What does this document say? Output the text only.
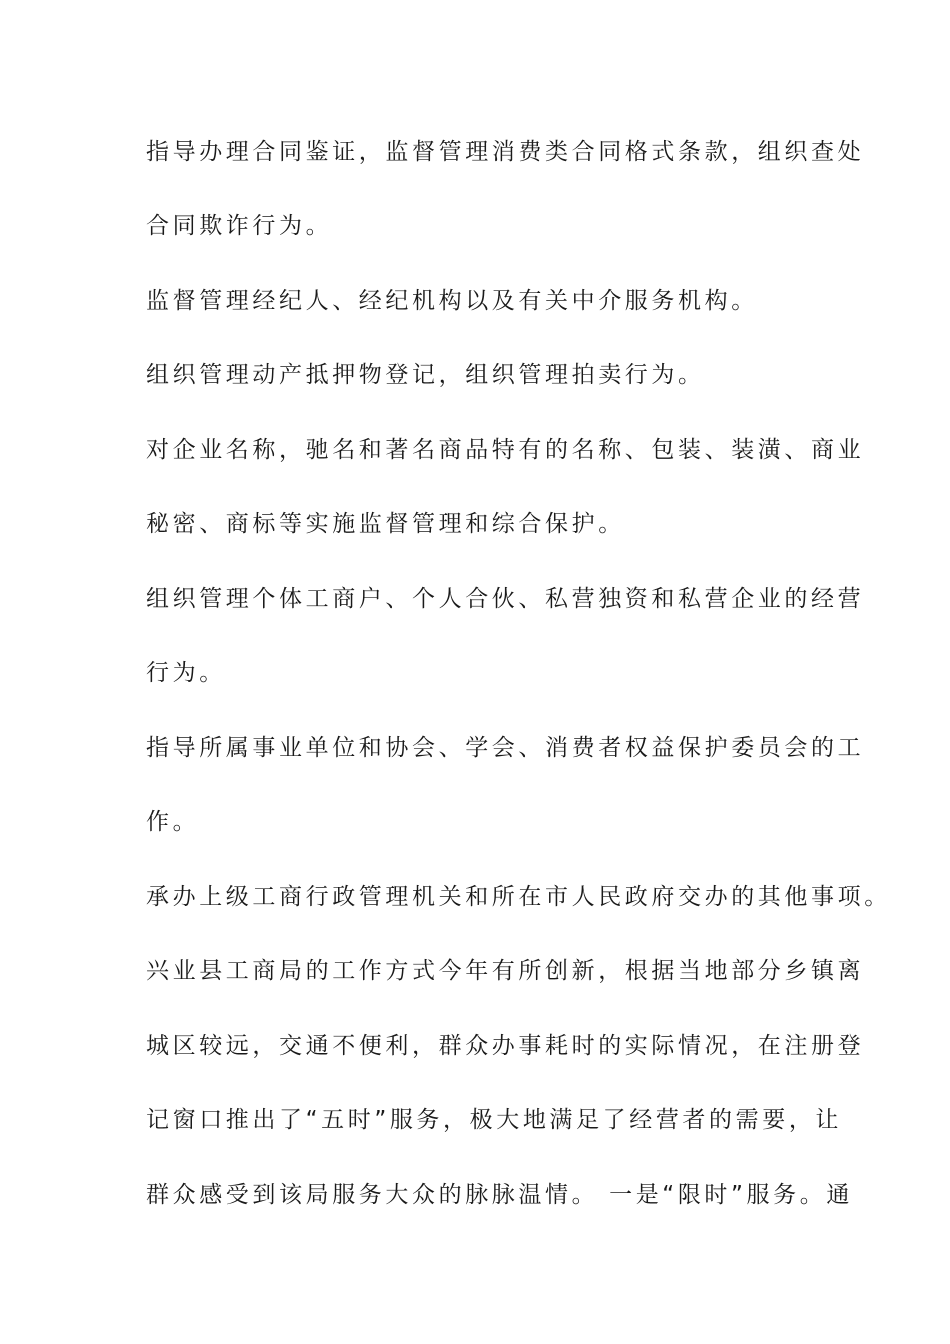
指导办理合同鉴证，监督管理消费类合同格式条款，组织查处
合同欺诈行为。
监督管理经纪人、经纪机构以及有关中介服务机构。
组织管理动产抵押物登记，组织管理拍卖行为。
对企业名称，驰名和著名商品特有的名称、包装、装潢、商业
秘密、商标等实施监督管理和综合保护。
组织管理个体工商户、个人合伙、私营独资和私营企业的经营
行为。
指导所属事业单位和协会、学会、消费者权益保护委员会的工
作。
承办上级工商行政管理机关和所在市人民政府交办的其他事项。
兴业县工商局的工作方式今年有所创新，根据当地部分乡镇离
城区较远，交通不便利，群众办事耗时的实际情况，在注册登
记窗口推出了“五时”服务，极大地满足了经营者的需要，让
群众感受到该局服务大众的脉脉温情。 一是“限时”服务。通
